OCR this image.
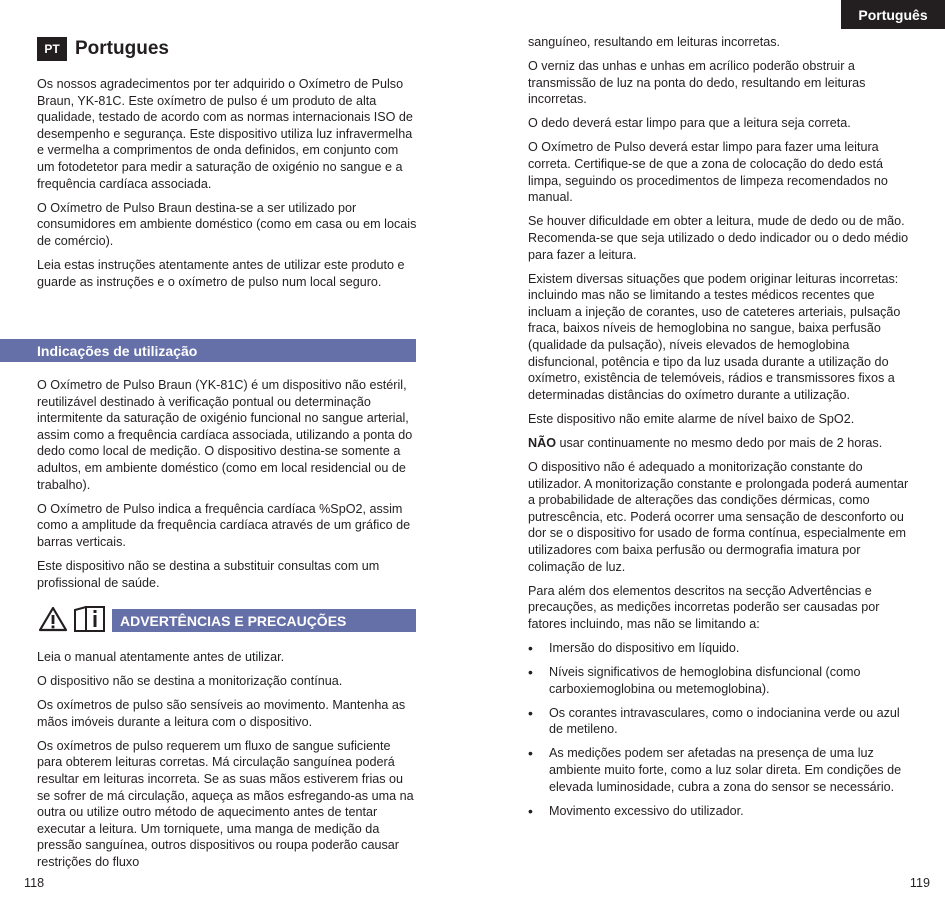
Português
PT Portugues

Os nossos agradecimentos por ter adquirido o Oxímetro de Pulso Braun, YK-81C. Este oxímetro de pulso é um produto de alta qualidade, testado de acordo com as normas internacionais ISO de desempenho e segurança. Este dispositivo utiliza luz infravermelha e vermelha a comprimentos de onda definidos, em conjunto com um fotodetetor para medir a saturação de oxigénio no sangue e a frequência cardíaca associada.

O Oxímetro de Pulso Braun destina-se a ser utilizado por consumidores em ambiente doméstico (como em casa ou em locais de comércio).

Leia estas instruções atentamente antes de utilizar este produto e guarde as instruções e o oxímetro de pulso num local seguro.

Indicações de utilização

O Oxímetro de Pulso Braun (YK-81C) é um dispositivo não estéril, reutilizável destinado à verificação pontual ou determinação intermitente da saturação de oxigénio funcional no sangue arterial, assim como a frequência cardíaca associada, utilizando a ponta do dedo como local de medição. O dispositivo destina-se somente a adultos, em ambiente doméstico (como em local residencial ou de trabalho).

O Oxímetro de Pulso indica a frequência cardíaca %SpO2, assim como a amplitude da frequência cardíaca através de um gráfico de barras verticais.

Este dispositivo não se destina a substituir consultas com um profissional de saúde.

ADVERTÊNCIAS E PRECAUÇÕES

Leia o manual atentamente antes de utilizar.

O dispositivo não se destina a monitorização contínua.

Os oxímetros de pulso são sensíveis ao movimento. Mantenha as mãos imóveis durante a leitura com o dispositivo.

Os oxímetros de pulso requerem um fluxo de sangue suficiente para obterem leituras corretas. Má circulação sanguínea poderá resultar em leituras incorreta. Se as suas mãos estiverem frias ou se sofrer de má circulação, aqueça as mãos esfregando-as uma na outra ou utilize outro método de aquecimento antes de tentar executar a leitura. Um torniquete, uma manga de medição da pressão sanguínea, outros dispositivos ou roupa poderão causar restrições do fluxo

118

sanguíneo, resultando em leituras incorretas.

O verniz das unhas e unhas em acrílico poderão obstruir a transmissão de luz na ponta do dedo, resultando em leituras incorretas.

O dedo deverá estar limpo para que a leitura seja correta.

O Oxímetro de Pulso deverá estar limpo para fazer uma leitura correta. Certifique-se de que a zona de colocação do dedo está limpa, seguindo os procedimentos de limpeza recomendados no manual.

Se houver dificuldade em obter a leitura, mude de dedo ou de mão. Recomenda-se que seja utilizado o dedo indicador ou o dedo médio para fazer a leitura.

Existem diversas situações que podem originar leituras incorretas: incluindo mas não se limitando a testes médicos recentes que incluam a injeção de corantes, uso de cateteres arteriais, pulsação fraca, baixos níveis de hemoglobina no sangue, baixa perfusão (qualidade da pulsação), níveis elevados de hemoglobina disfuncional, potência e tipo da luz usada durante a utilização do oxímetro, existência de telemóveis, rádios e transmissores fixos a determinadas distâncias do oxímetro durante a utilização.

Este dispositivo não emite alarme de nível baixo de SpO2.

NÃO usar continuamente no mesmo dedo por mais de 2 horas.

O dispositivo não é adequado a monitorização constante do utilizador. A monitorização constante e prolongada poderá aumentar a probabilidade de alterações das condições dérmicas, como putrescência, etc. Poderá ocorrer uma sensação de desconforto ou dor se o dispositivo for usado de forma contínua, especialmente em utilizadores com baixa perfusão ou dermografia imatura por colimação de luz.

Para além dos elementos descritos na secção Advertências e precauções, as medições incorretas poderão ser causadas por fatores incluindo, mas não se limitando a:

• Imersão do dispositivo em líquido.
• Níveis significativos de hemoglobina disfuncional (como carboxiemoglobina ou metemoglobina).
• Os corantes intravasculares, como o indocianina verde ou azul de metileno.
• As medições podem ser afetadas na presença de uma luz ambiente muito forte, como a luz solar direta. Em condições de elevada luminosidade, cubra a zona do sensor se necessário.
• Movimento excessivo do utilizador.
119
